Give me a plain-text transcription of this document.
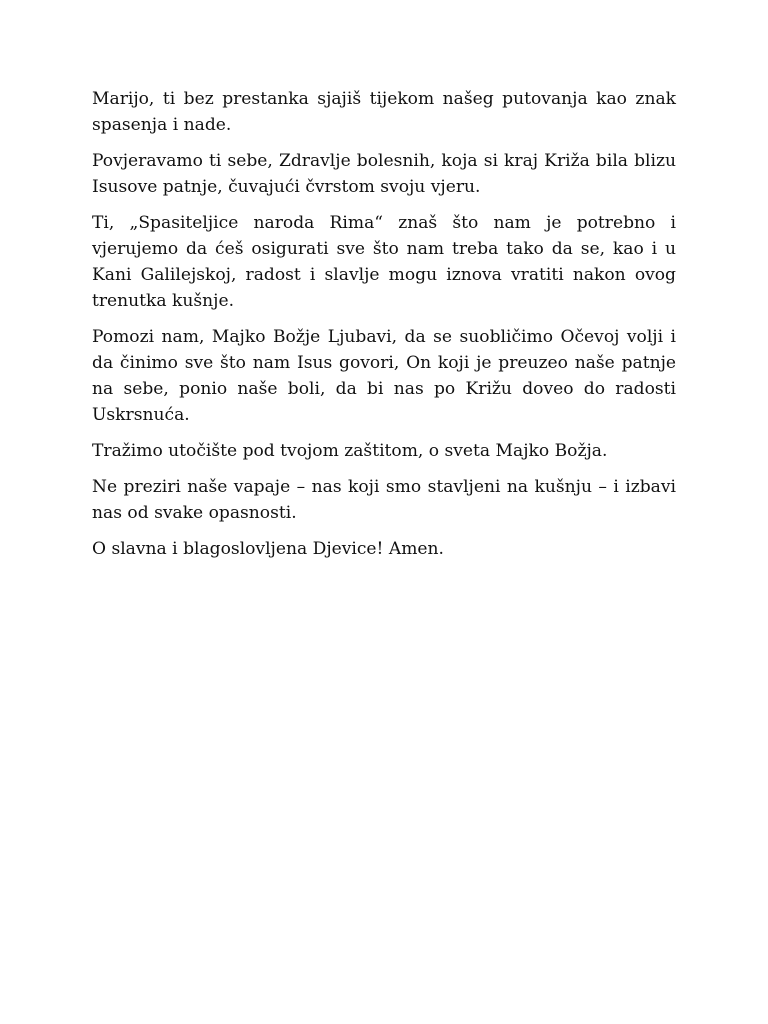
Marijo, ti bez prestanka sjajiš tijekom našeg putovanja kao znak spasenja i nade.

Povjeravamo ti sebe, Zdravlje bolesnih, koja si kraj Križa bila blizu Isusove patnje, čuvajući čvrstom svoju vjeru.

Ti, „Spasiteljice naroda Rima“ znaš što nam je potrebno i vjerujemo da ćeš osigurati sve što nam treba tako da se, kao i u Kani Galilejskoj, radost i slavlje mogu iznova vratiti nakon ovog trenutka kušnje.

Pomozi nam, Majko Božje Ljubavi, da se suobličimo Očevoj volji i da činimo sve što nam Isus govori, On koji je preuzeo naše patnje na sebe, ponio naše boli, da bi nas po Križu doveo do radosti Uskrsnuća.

Tražimo utočište pod tvojom zaštitom, o sveta Majko Božja.

Ne preziri naše vapaje – nas koji smo stavljeni na kušnju – i izbavi nas od svake opasnosti.

O slavna i blagoslovljena Djevice! Amen.
